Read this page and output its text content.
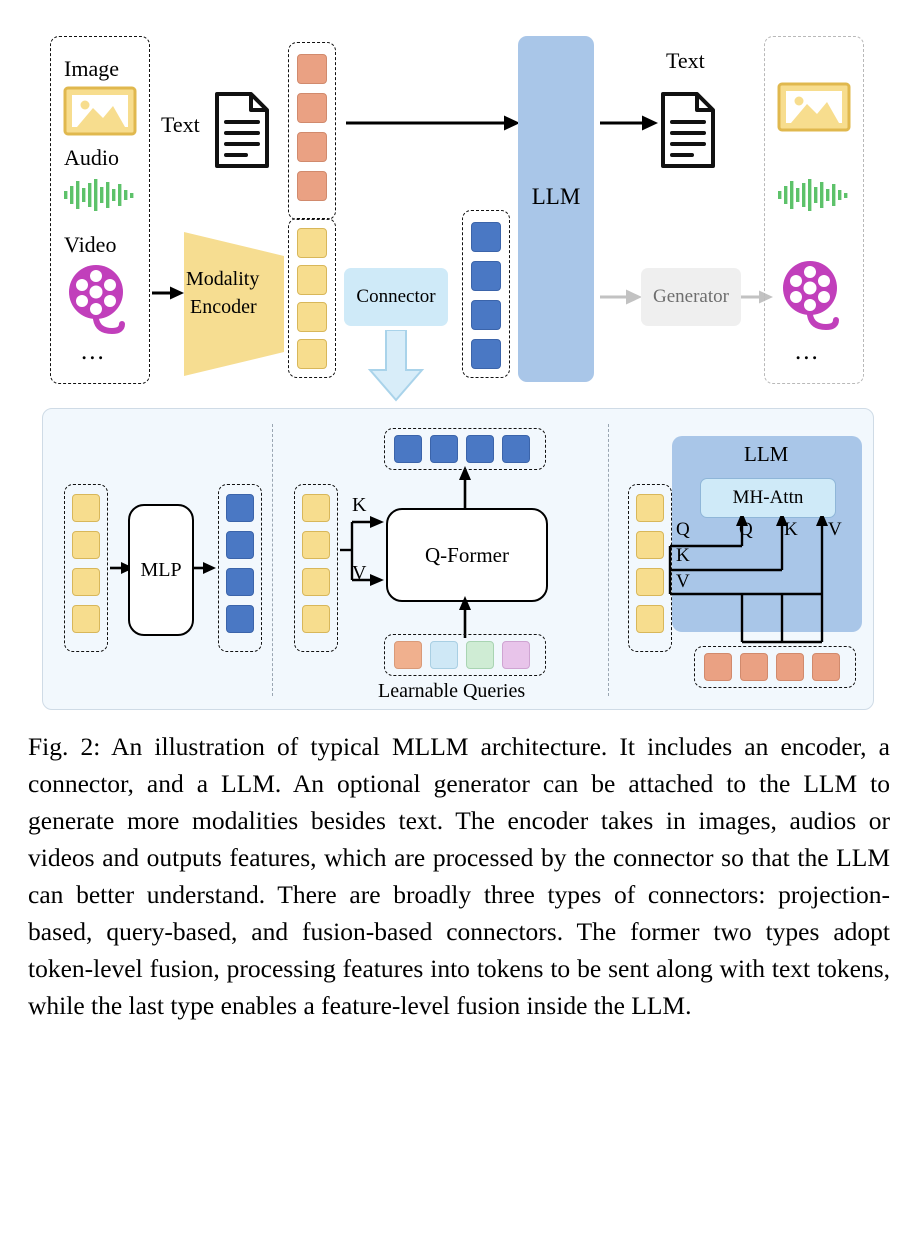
Image
Audio
Video
...
Text
Modality
Encoder	Connector
LLM
Text
Generator
...
MLP
K
V
Q-Former
Learnable Queries
LLM
MH-Attn
Q
K
V
Q K V
Fig. 2: An illustration of typical MLLM architecture. It includes an encoder, a connector, and a LLM. An optional generator can be attached to the LLM to generate more modalities besides text. The encoder takes in images, audios or videos and outputs features, which are processed by the connector so that the LLM can better understand. There are broadly three types of connectors: projection-based, query-based, and fusion-based connectors. The former two types adopt token-level fusion, processing features into tokens to be sent along with text tokens, while the last type enables a feature-level fusion inside the LLM.
